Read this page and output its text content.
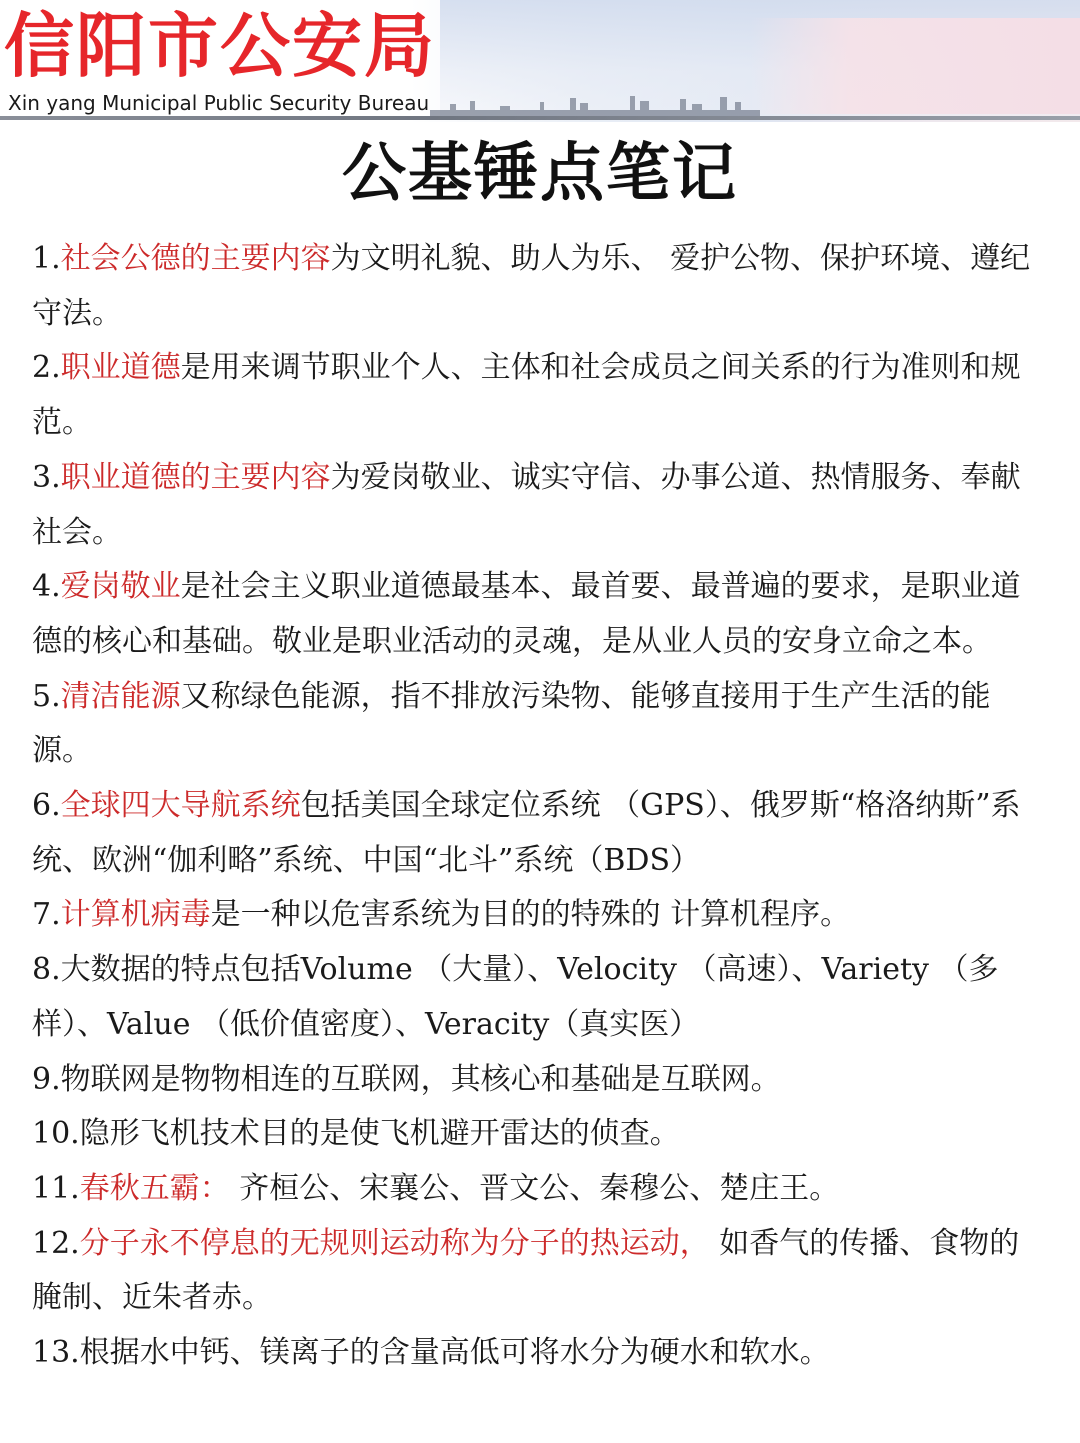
信阳市公安局
Xin yang Municipal Public Security Bureau
公基锤点笔记
1.社会公德的主要内容为文明礼貌、助人为乐、 爱护公物、保护环境、遵纪守法。
2.职业道德是用来调节职业个人、主体和社会成员之间关系的行为准则和规范。
3.职业道德的主要内容为爱岗敬业、诚实守信、办事公道、热情服务、奉献社会。
4.爱岗敬业是社会主义职业道德最基本、最首要、最普遍的要求，是职业道德的核心和基础。敬业是职业活动的灵魂，是从业人员的安身立命之本。
5.清洁能源又称绿色能源，指不排放污染物、能够直接用于生产生活的能源。
6.全球四大导航系统包括美国全球定位系统 （GPS）、俄罗斯“格洛纳斯”系统、欧洲“伽利略”系统、中国“北斗”系统（BDS）
7.计算机病毒是一种以危害系统为目的的特殊的 计算机程序。
8.大数据的特点包括Volume （大量）、Velocity （高速）、Variety （多样）、Value （低价值密度）、Veracity（真实医）
9.物联网是物物相连的互联网，其核心和基础是互联网。
10.隐形飞机技术目的是使飞机避开雷达的侦查。
11.春秋五霸： 齐桓公、宋襄公、晋文公、秦穆公、楚庄王。
12.分子永不停息的无规则运动称为分子的热运动， 如香气的传播、食物的腌制、近朱者赤。
13.根据水中钙、镁离子的含量高低可将水分为硬水和软水。
